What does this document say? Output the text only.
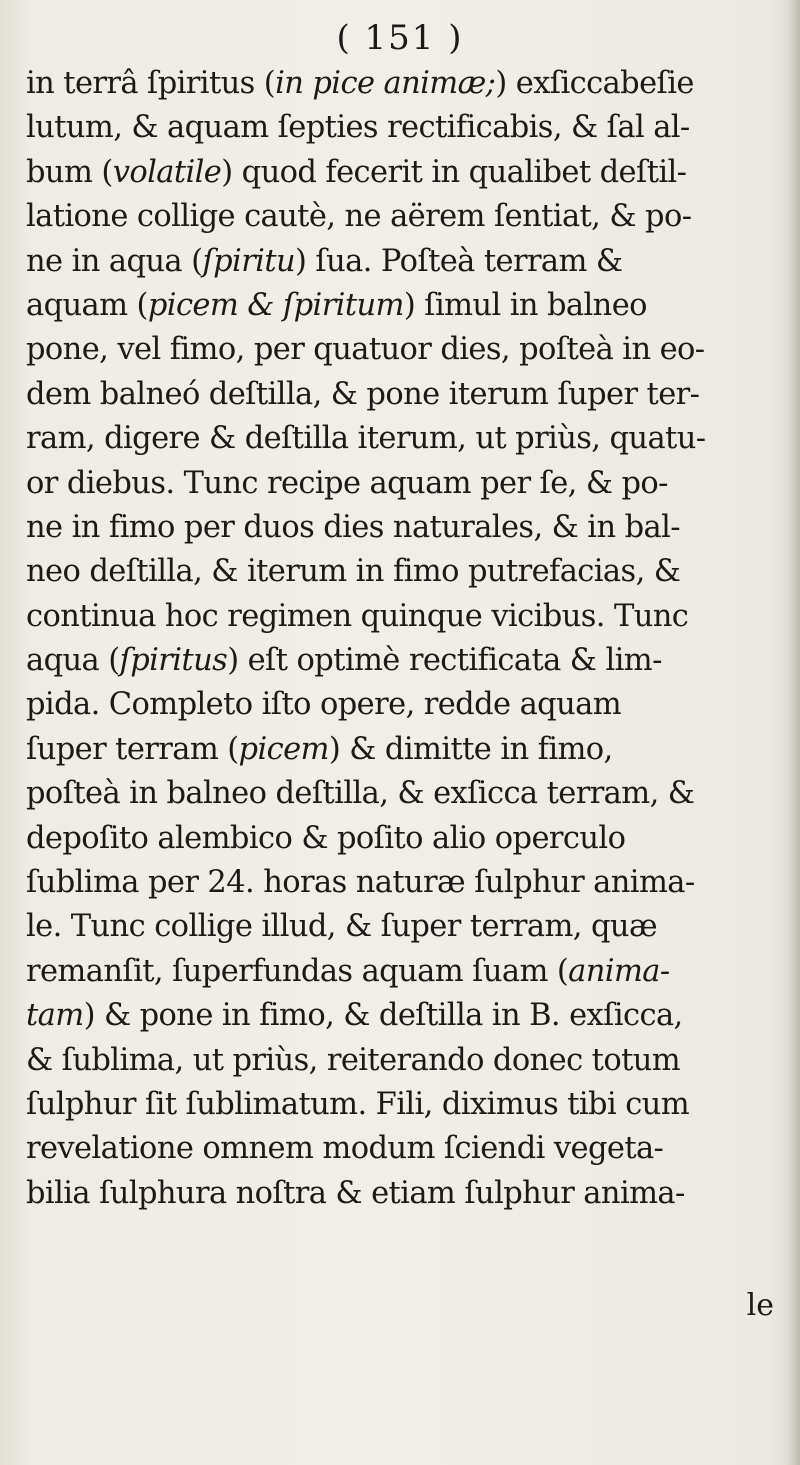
( 151 )
in terrâ ſpiritus (in pice animæ;) exſiccabeſie
lutum, & aquam ſepties rectificabis, & ſal al-
bum (volatile) quod fecerit in qualibet deſtil-
latione collige cautè, ne aërem ſentiat, & po-
ne in aqua (ſpiritu) ſua. Poſteà terram &
aquam (picem & ſpiritum) ſimul in balneo
pone, vel fimo, per quatuor dies, poſteà in eo-
dem balneó deſtilla, & pone iterum ſuper ter-
ram, digere & deſtilla iterum, ut priùs, quatu-
or diebus. Tunc recipe aquam per ſe, & po-
ne in fimo per duos dies naturales, & in bal-
neo deſtilla, & iterum in fimo putrefacias, &
continua hoc regimen quinque vicibus. Tunc
aqua (ſpiritus) eſt optimè rectificata & lim-
pida. Completo iſto opere, redde aquam
ſuper terram (picem) & dimitte in fimo,
poſteà in balneo deſtilla, & exſicca terram, &
depoſito alembico & poſito alio operculo
ſublima per 24. horas naturæ ſulphur anima-
le. Tunc collige illud, & ſuper terram, quæ
remanſit, ſuperfundas aquam ſuam (anima-
tam) & pone in fimo, & deſtilla in B. exſicca,
& ſublima, ut priùs, reiterando donec totum
ſulphur ſit ſublimatum. Fili, diximus tibi cum
revelatione omnem modum ſciendi vegeta-
bilia ſulphura noſtra & etiam ſulphur anima-
le
